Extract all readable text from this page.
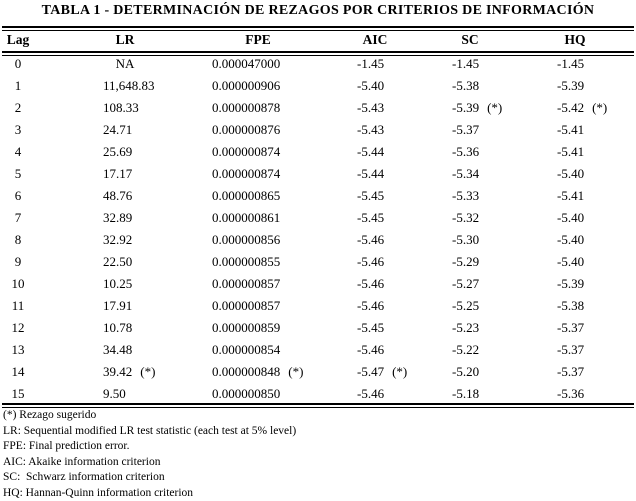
TABLA 1 - DETERMINACIÓN DE REZAGOS POR CRITERIOS DE INFORMACIÓN
Lag	LR	FPE	AIC	SC	HQ
0	NA	0.000047000	-1.45	-1.45	-1.45
1	11,648.83	0.000000906	-5.40	-5.38	-5.39
2	108.33	0.000000878	-5.43	-5.39 (*)	-5.42 (*)
3	24.71	0.000000876	-5.43	-5.37	-5.41
4	25.69	0.000000874	-5.44	-5.36	-5.41
5	17.17	0.000000874	-5.44	-5.34	-5.40
6	48.76	0.000000865	-5.45	-5.33	-5.41
7	32.89	0.000000861	-5.45	-5.32	-5.40
8	32.92	0.000000856	-5.46	-5.30	-5.40
9	22.50	0.000000855	-5.46	-5.29	-5.40
10	10.25	0.000000857	-5.46	-5.27	-5.39
11	17.91	0.000000857	-5.46	-5.25	-5.38
12	10.78	0.000000859	-5.45	-5.23	-5.37
13	34.48	0.000000854	-5.46	-5.22	-5.37
14	39.42 (*)	0.000000848 (*)	-5.47 (*)	-5.20	-5.37
15	9.50	0.000000850	-5.46	-5.18	-5.36
(*) Rezago sugerido
LR: Sequential modified LR test statistic (each test at 5% level)
FPE: Final prediction error.
AIC: Akaike information criterion
SC:  Schwarz information criterion
HQ: Hannan-Quinn information criterion
